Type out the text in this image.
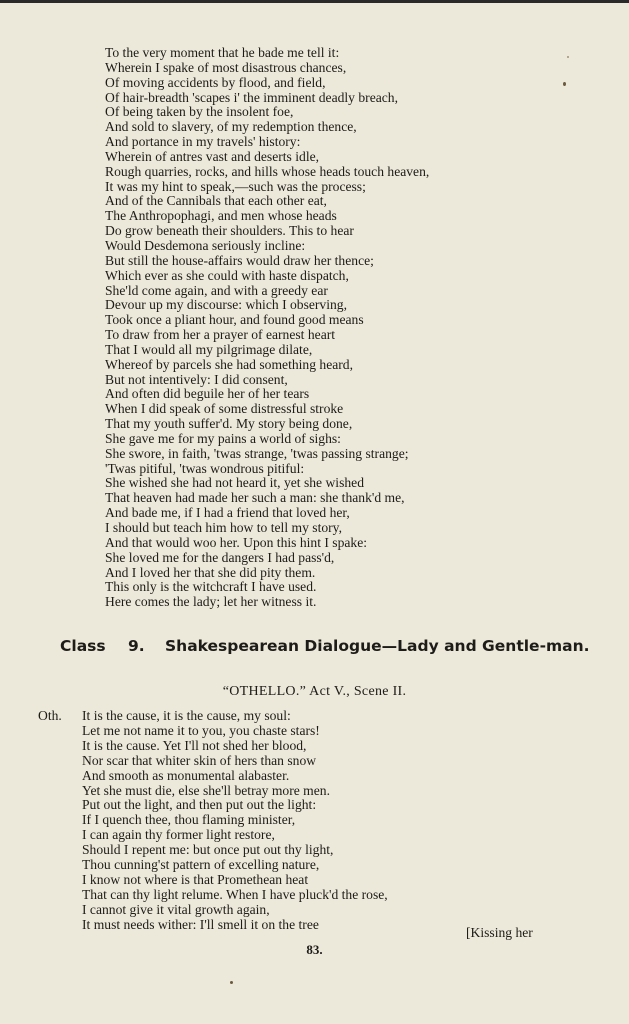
To the very moment that he bade me tell it:
Wherein I spake of most disastrous chances,
Of moving accidents by flood, and field,
Of hair-breadth 'scapes i' the imminent deadly breach,
Of being taken by the insolent foe,
And sold to slavery, of my redemption thence,
And portance in my travels' history:
Wherein of antres vast and deserts idle,
Rough quarries, rocks, and hills whose heads touch heaven,
It was my hint to speak,—such was the process;
And of the Cannibals that each other eat,
The Anthropophagi, and men whose heads
Do grow beneath their shoulders. This to hear
Would Desdemona seriously incline:
But still the house-affairs would draw her thence;
Which ever as she could with haste dispatch,
She'ld come again, and with a greedy ear
Devour up my discourse: which I observing,
Took once a pliant hour, and found good means
To draw from her a prayer of earnest heart
That I would all my pilgrimage dilate,
Whereof by parcels she had something heard,
But not intentively: I did consent,
And often did beguile her of her tears
When I did speak of some distressful stroke
That my youth suffer'd. My story being done,
She gave me for my pains a world of sighs:
She swore, in faith, 'twas strange, 'twas passing strange;
'Twas pitiful, 'twas wondrous pitiful:
She wished she had not heard it, yet she wished
That heaven had made her such a man: she thank'd me,
And bade me, if I had a friend that loved her,
I should but teach him how to tell my story,
And that would woo her. Upon this hint I spake:
She loved me for the dangers I had pass'd,
And I loved her that she did pity them.
This only is the witchcraft I have used.
Here comes the lady; let her witness it.
Class 9. Shakespearean Dialogue—Lady and Gentle-man.
“OTHELLO.” Act V., Scene II.
Oth. It is the cause, it is the cause, my soul:
Let me not name it to you, you chaste stars!
It is the cause. Yet I'll not shed her blood,
Nor scar that whiter skin of hers than snow
And smooth as monumental alabaster.
Yet she must die, else she'll betray more men.
Put out the light, and then put out the light:
If I quench thee, thou flaming minister,
I can again thy former light restore,
Should I repent me: but once put out thy light,
Thou cunning'st pattern of excelling nature,
I know not where is that Promethean heat
That can thy light relume. When I have pluck'd the rose,
I cannot give it vital growth again,
It must needs wither: I'll smell it on the tree
[Kissing her
83.
